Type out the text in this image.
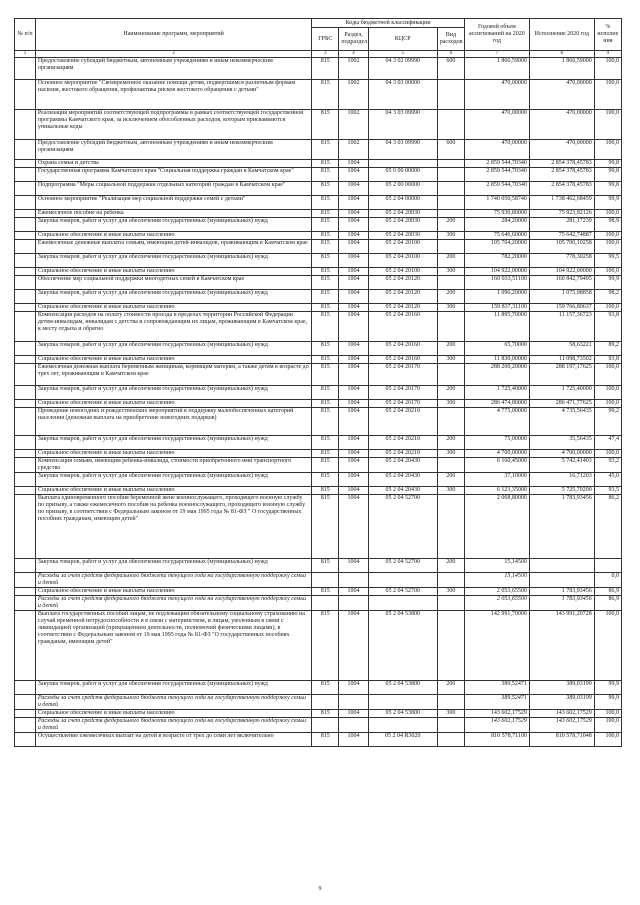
№ п/п	Наименование программ, мероприятий	Коды бюджетной классификации				Годовой объем ассигнований на 2020 год	Исполнение 2020 год	% исполне ния
		ГРБС	Раздел, подраздел	КЦСР	Вид расходов			
1	2	3	4	5	6	7	8	9
	Предоставление субсидий бюджетным, автономным учреждениям и иным некоммерческим организациям	815	1002	04 3 02 09990	600	1 866,59000	1 866,59000	100,0
	Основное мероприятие "Своевременное оказание помощи детям, подвергшимся различным формам насилия, жестокого обращения, профилактика рисков жестокого обращения с детьми"	815	1002	04 3 03 00000		470,00000	470,00000	100,0
	Реализация мероприятий соответствующей подпрограммы в рамках соответствующей государственной программы Камчатского края, за исключением обособленных расходов, которым присваиваются уникальные коды	815	1002	04 3 03 09990		470,00000	470,00000	100,0
	Предоставление субсидий бюджетным, автономным учреждениям и иным некоммерческим организациям	815	1002	04 3 03 09990	600	470,00000	470,00000	100,0
	Охрана семьи и детства	815	1004			2 859 544,70340	2 854 378,45783	99,8
	Государственная программа Камчатского края "Социальная поддержка граждан в Камчатском крае"	815	1004	05 0 00 00000		2 859 544,70340	2 854 378,45783	99,8
	Подпрограмма "Меры социальной поддержки отдельных категорий граждан в Камчатском крае"	815	1004	05 2 00 00000		2 859 544,70340	2 854 378,45783	99,8
	Основное мероприятие "Реализация мер социальной поддержки семей с детьми"	815	1004	05 2 04 00000		1 740 050,58740	1 738 462,68459	99,9
	Ежемесячное пособие на ребенка	815	1004	05 2 04 20030		75 930,80000	75 923,92126	100,0
	Закупка товаров, работ и услуг для обеспечения государственных (муниципальных) нужд	815	1004	05 2 04 20030	200	284,20000	281,17239	98,9
	Социальное обеспечение и иные выплаты населению	815	1004	05 2 04 20030	300	75 646,60000	75 642,74887	100,0
	Ежемесячные денежные выплаты семьям, имеющим детей-инвалидов, проживающим в Камчатском крае	815	1004	05 2 04 20100		105 704,20000	105 700,10258	100,0
	Закупка товаров, работ и услуг для обеспечения государственных (муниципальных) нужд	815	1004	05 2 04 20100	200	782,20000	778,30258	99,5
	Социальное обеспечение и иные выплаты населению	815	1004	05 2 04 20100	300	104 922,00000	104 922,00000	100,0
	Обеспечение мер социальной поддержки многодетных семей в Камчатском крае	815	1004	05 2 04 20120		160 933,51100	160 842,79495	99,9
	Закупка товаров, работ и услуг для обеспечения государственных (муниципальных) нужд	815	1004	05 2 04 20120	200	1 096,20000	1 075,98858	98,2
	Социальное обеспечение и иные выплаты населению	815	1004	05 2 04 20120	300	159 837,31100	159 766,80637	100,0
	Компенсация расходов на оплату стоимости проезда в пределах территории Российской Федерации детям-инвалидам, инвалидам с детства и сопровождающим их лицам, проживающим в Камчатском крае, к месту отдыха и обратно	815	1004	05 2 04 20160		11 895,70000	11 157,36723	93,8
	Закупка товаров, работ и услуг для обеспечения государственных (муниципальных) нужд	815	1004	05 2 04 20160	200	65,70000	58,63221	89,2
	Социальное обеспечение и иные выплаты населению	815	1004	05 2 04 20160	300	11 830,00000	11 098,73502	93,8
	Ежемесячная денежная выплата беременным женщинам, кормящим матерям, а также детям в возрасте до трех лет, проживающим в Камчатском крае	815	1004	05 2 04 20170		288 200,20000	288 197,17625	100,0
	Закупка товаров, работ и услуг для обеспечения государственных (муниципальных) нужд	815	1004	05 2 04 20170	200	1 725,40000	1 725,40000	100,0
	Социальное обеспечение и иные выплаты населению	815	1004	05 2 04 20170	300	286 474,80000	286 471,77625	100,0
	Проведение новогодних и рождественских мероприятий в поддержку малообеспеченных категорий населения (денежная выплата на приобретение новогодних подарков)	815	1004	05 2 04 20210		4 775,00000	4 735,56435	99,2
	Закупка товаров, работ и услуг для обеспечения государственных (муниципальных) нужд	815	1004	05 2 04 20210	200	75,00000	35,56435	47,4
	Социальное обеспечение и иные выплаты населению	815	1004	05 2 04 20210	300	4 700,00000	4 700,00000	100,0
	Компенсация семьям, имеющим ребенка-инвалида, стоимости приобретенного ими транспортного средства	815	1004	05 2 04 20430		6 160,45000	5 742,41403	93,2
	Закупка товаров, работ и услуг для обеспечения государственных (муниципальных) нужд	815	1004	05 2 04 20430	200	37,10000	16,71203	45,0
	Социальное обеспечение и иные выплаты населению	815	1004	05 2 04 20430	300	6 123,35000	5 725,70200	93,5
	Выплата единовременного пособия беременной жене военнослужащего, проходящего военную службу по призыву, а также ежемесячного пособия на ребенка военнослужащего, проходящего военную службу по призыву, в соответствии с Федеральным законом от 19 мая 1995 года № 81-ФЗ " О государственных пособиях гражданам, имеющим детей"	815	1004	05 2 04 52700		2 068,80000	1 783,93456	86,2
	Закупка товаров, работ и услуг для обеспечения государственных (муниципальных) нужд	815	1004	05 2 04 52700	200	15,14500		
	Расходы за счет средств федерального бюджета текущего года на государственную поддержку семьи и детей					15,14500		0,0
	Социальное обеспечение и иные выплаты населению	815	1004	05 2 04 52700	300	2 053,65500	1 783,93456	86,9
	Расходы за счет средств федерального бюджета текущего года на государственную поддержку семьи и детей					2 053,65500	1 783,93456	86,9
	Выплата государственных пособий лицам, не подлежащим обязательному социальному страхованию на случай временной нетрудоспособности и в связи с материнством, и лицам, уволенным в связи с ликвидацией организаций (прекращением деятельности, полномочий физическими лицами), в соответствии с Федеральным законом от 19 мая 1995 года № 81-ФЗ "О государственных пособиях гражданам, имеющим детей"	815	1004	05 2 04 53800		142 991,70000	143 991,20728	100,0
	Закупка товаров, работ и услуг для обеспечения государственных (муниципальных) нужд	815	1004	05 2 04 53800	200	389,52471	389,03199	99,9
	Расходы за счет средств федерального бюджета текущего года на государственную поддержку семьи и детей					389,52471	389,03199	99,9
	Социальное обеспечение и иные выплаты населению	815	1004	05 2 04 53800	300	143 602,17529	143 602,17529	100,0
	Расходы за счет средств федерального бюджета текущего года на государственную поддержку семьи и детей					143 602,17529	143 602,17529	100,0
	Осуществление ежемесячных выплат на детей в возрасте от трех до семи лет включительно	815	1004	05 2 04 R3020		810 578,71100	810 578,71048	100,0
9
